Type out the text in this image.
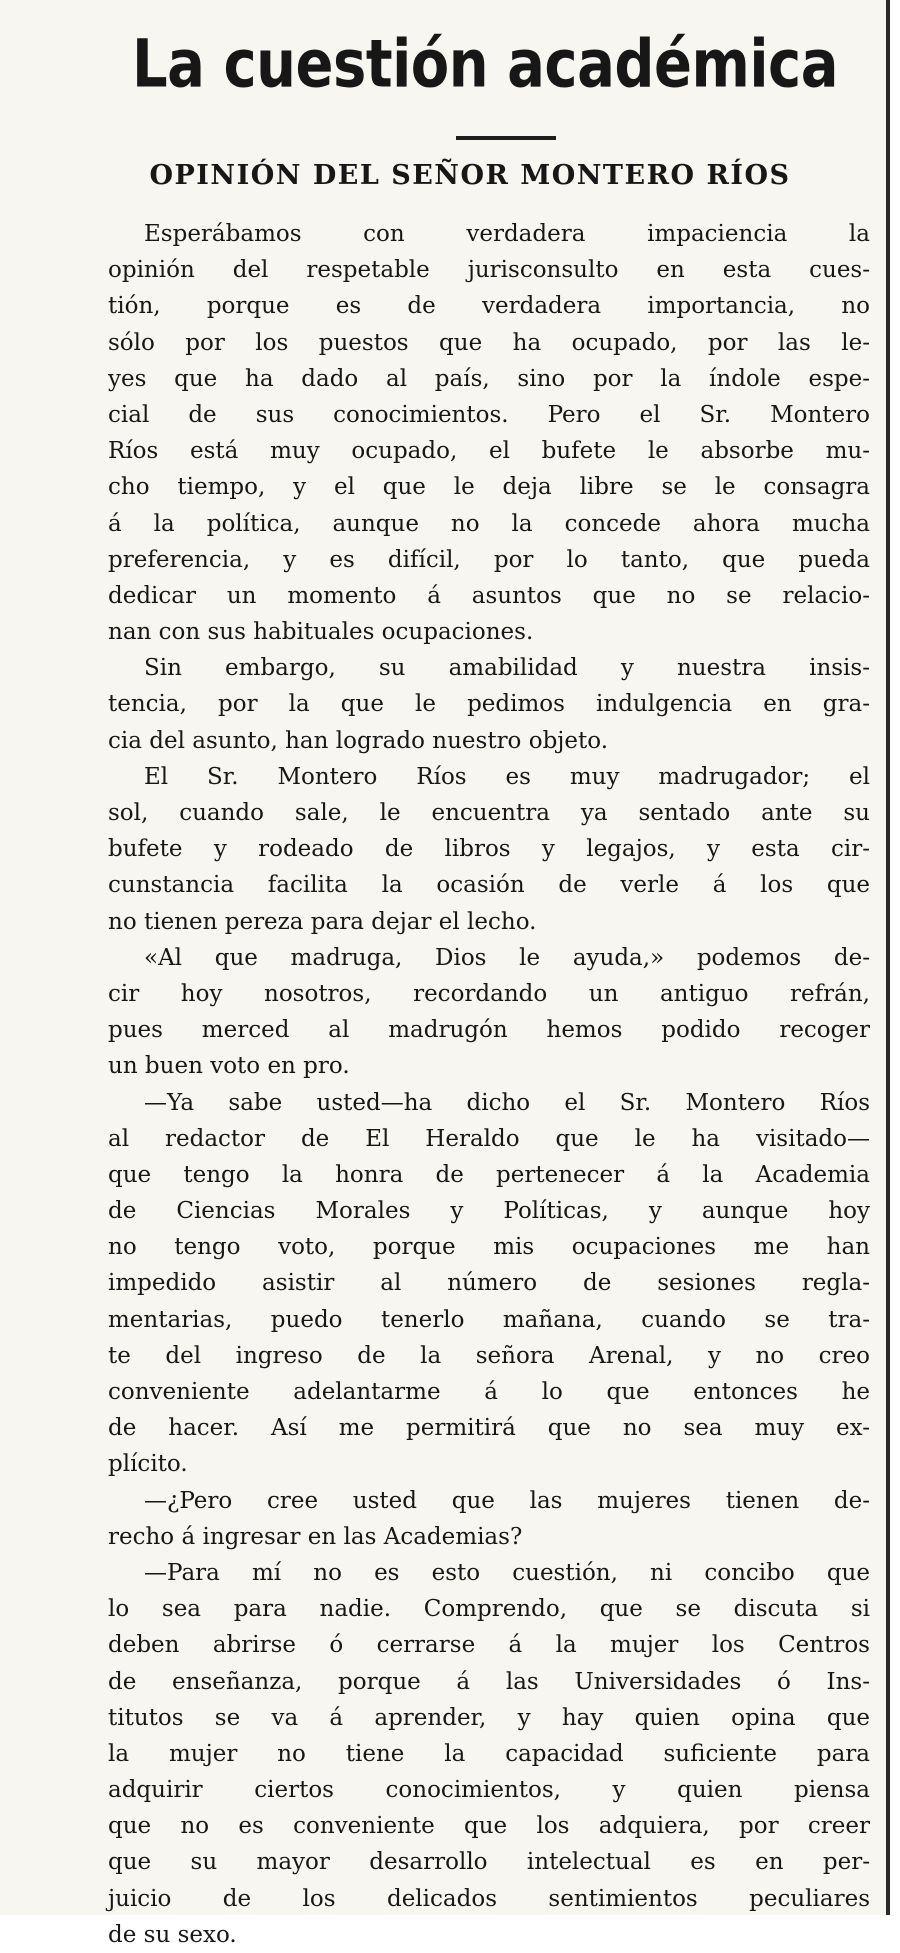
La cuestión académica
OPINIÓN DEL SEÑOR MONTERO RÍOS
Esperábamos con verdadera impaciencia la
opinión del respetable jurisconsulto en esta cues-
tión, porque es de verdadera importancia, no
sólo por los puestos que ha ocupado, por las le-
yes que ha dado al país, sino por la índole espe-
cial de sus conocimientos. Pero el Sr. Montero
Ríos está muy ocupado, el bufete le absorbe mu-
cho tiempo, y el que le deja libre se le consagra
á la política, aunque no la concede ahora mucha
preferencia, y es difícil, por lo tanto, que pueda
dedicar un momento á asuntos que no se relacio-
nan con sus habituales ocupaciones.
Sin embargo, su amabilidad y nuestra insis-
tencia, por la que le pedimos indulgencia en gra-
cia del asunto, han logrado nuestro objeto.
El Sr. Montero Ríos es muy madrugador; el
sol, cuando sale, le encuentra ya sentado ante su
bufete y rodeado de libros y legajos, y esta cir-
cunstancia facilita la ocasión de verle á los que
no tienen pereza para dejar el lecho.
«Al que madruga, Dios le ayuda,» podemos de-
cir hoy nosotros, recordando un antiguo refrán,
pues merced al madrugón hemos podido recoger
un buen voto en pro.
—Ya sabe usted—ha dicho el Sr. Montero Ríos
al redactor de El Heraldo que le ha visitado—
que tengo la honra de pertenecer á la Academia
de Ciencias Morales y Políticas, y aunque hoy
no tengo voto, porque mis ocupaciones me han
impedido asistir al número de sesiones regla-
mentarias, puedo tenerlo mañana, cuando se tra-
te del ingreso de la señora Arenal, y no creo
conveniente adelantarme á lo que entonces he
de hacer. Así me permitirá que no sea muy ex-
plícito.
—¿Pero cree usted que las mujeres tienen de-
recho á ingresar en las Academias?
—Para mí no es esto cuestión, ni concibo que
lo sea para nadie. Comprendo, que se discuta si
deben abrirse ó cerrarse á la mujer los Centros
de enseñanza, porque á las Universidades ó Ins-
titutos se va á aprender, y hay quien opina que
la mujer no tiene la capacidad suficiente para
adquirir ciertos conocimientos, y quien piensa
que no es conveniente que los adquiera, por creer
que su mayor desarrollo intelectual es en per-
juicio de los delicados sentimientos peculiares
de su sexo.
